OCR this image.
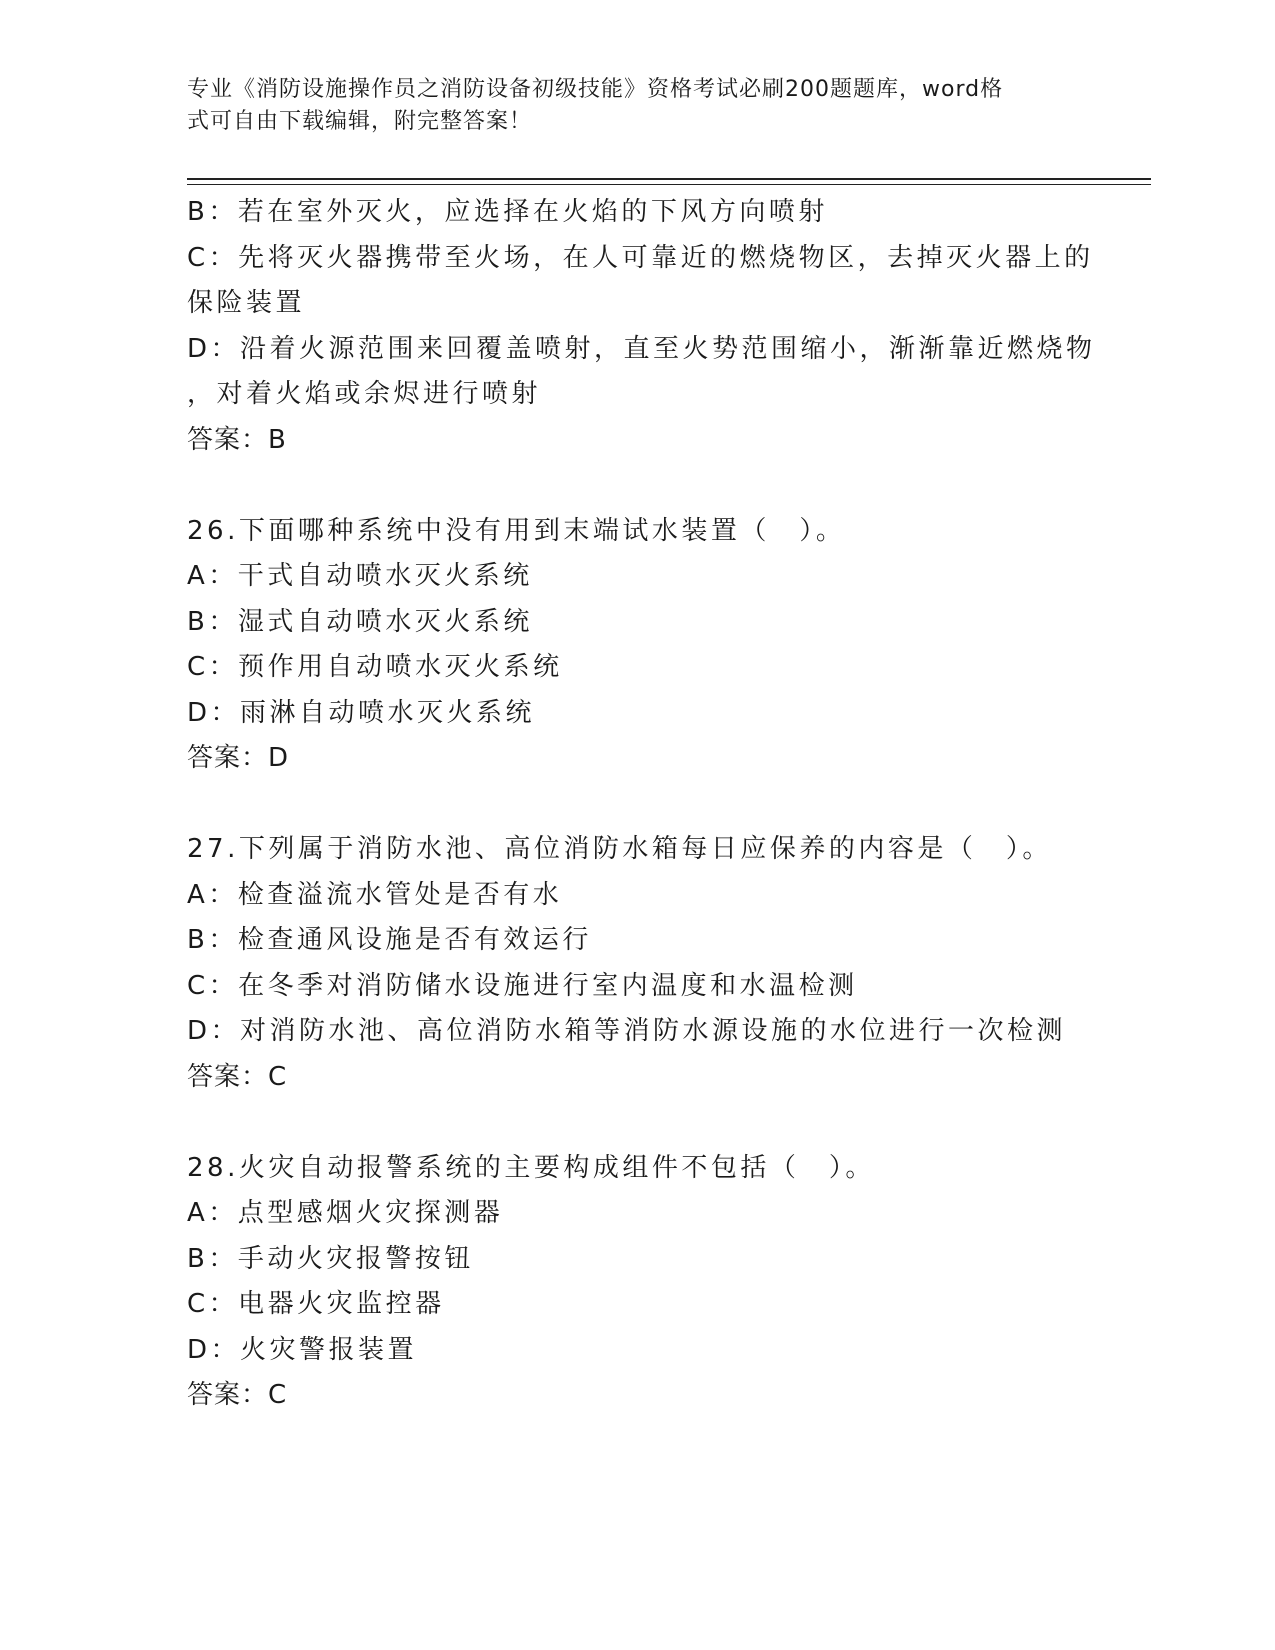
专业《消防设施操作员之消防设备初级技能》资格考试必刷200题题库，word格
式可自由下载编辑，附完整答案！
B：若在室外灭火，应选择在火焰的下风方向喷射
C：先将灭火器携带至火场，在人可靠近的燃烧物区，去掉灭火器上的
保险装置
D：沿着火源范围来回覆盖喷射，直至火势范围缩小，渐渐靠近燃烧物
，对着火焰或余烬进行喷射
答案：B
26.下面哪种系统中没有用到末端试水装置（　）。
A：干式自动喷水灭火系统
B：湿式自动喷水灭火系统
C：预作用自动喷水灭火系统
D：雨淋自动喷水灭火系统
答案：D
27.下列属于消防水池、高位消防水箱每日应保养的内容是（　）。
A：检查溢流水管处是否有水
B：检查通风设施是否有效运行
C：在冬季对消防储水设施进行室内温度和水温检测
D：对消防水池、高位消防水箱等消防水源设施的水位进行一次检测
答案：C
28.火灾自动报警系统的主要构成组件不包括（　）。
A：点型感烟火灾探测器
B：手动火灾报警按钮
C：电器火灾监控器
D：火灾警报装置
答案：C
